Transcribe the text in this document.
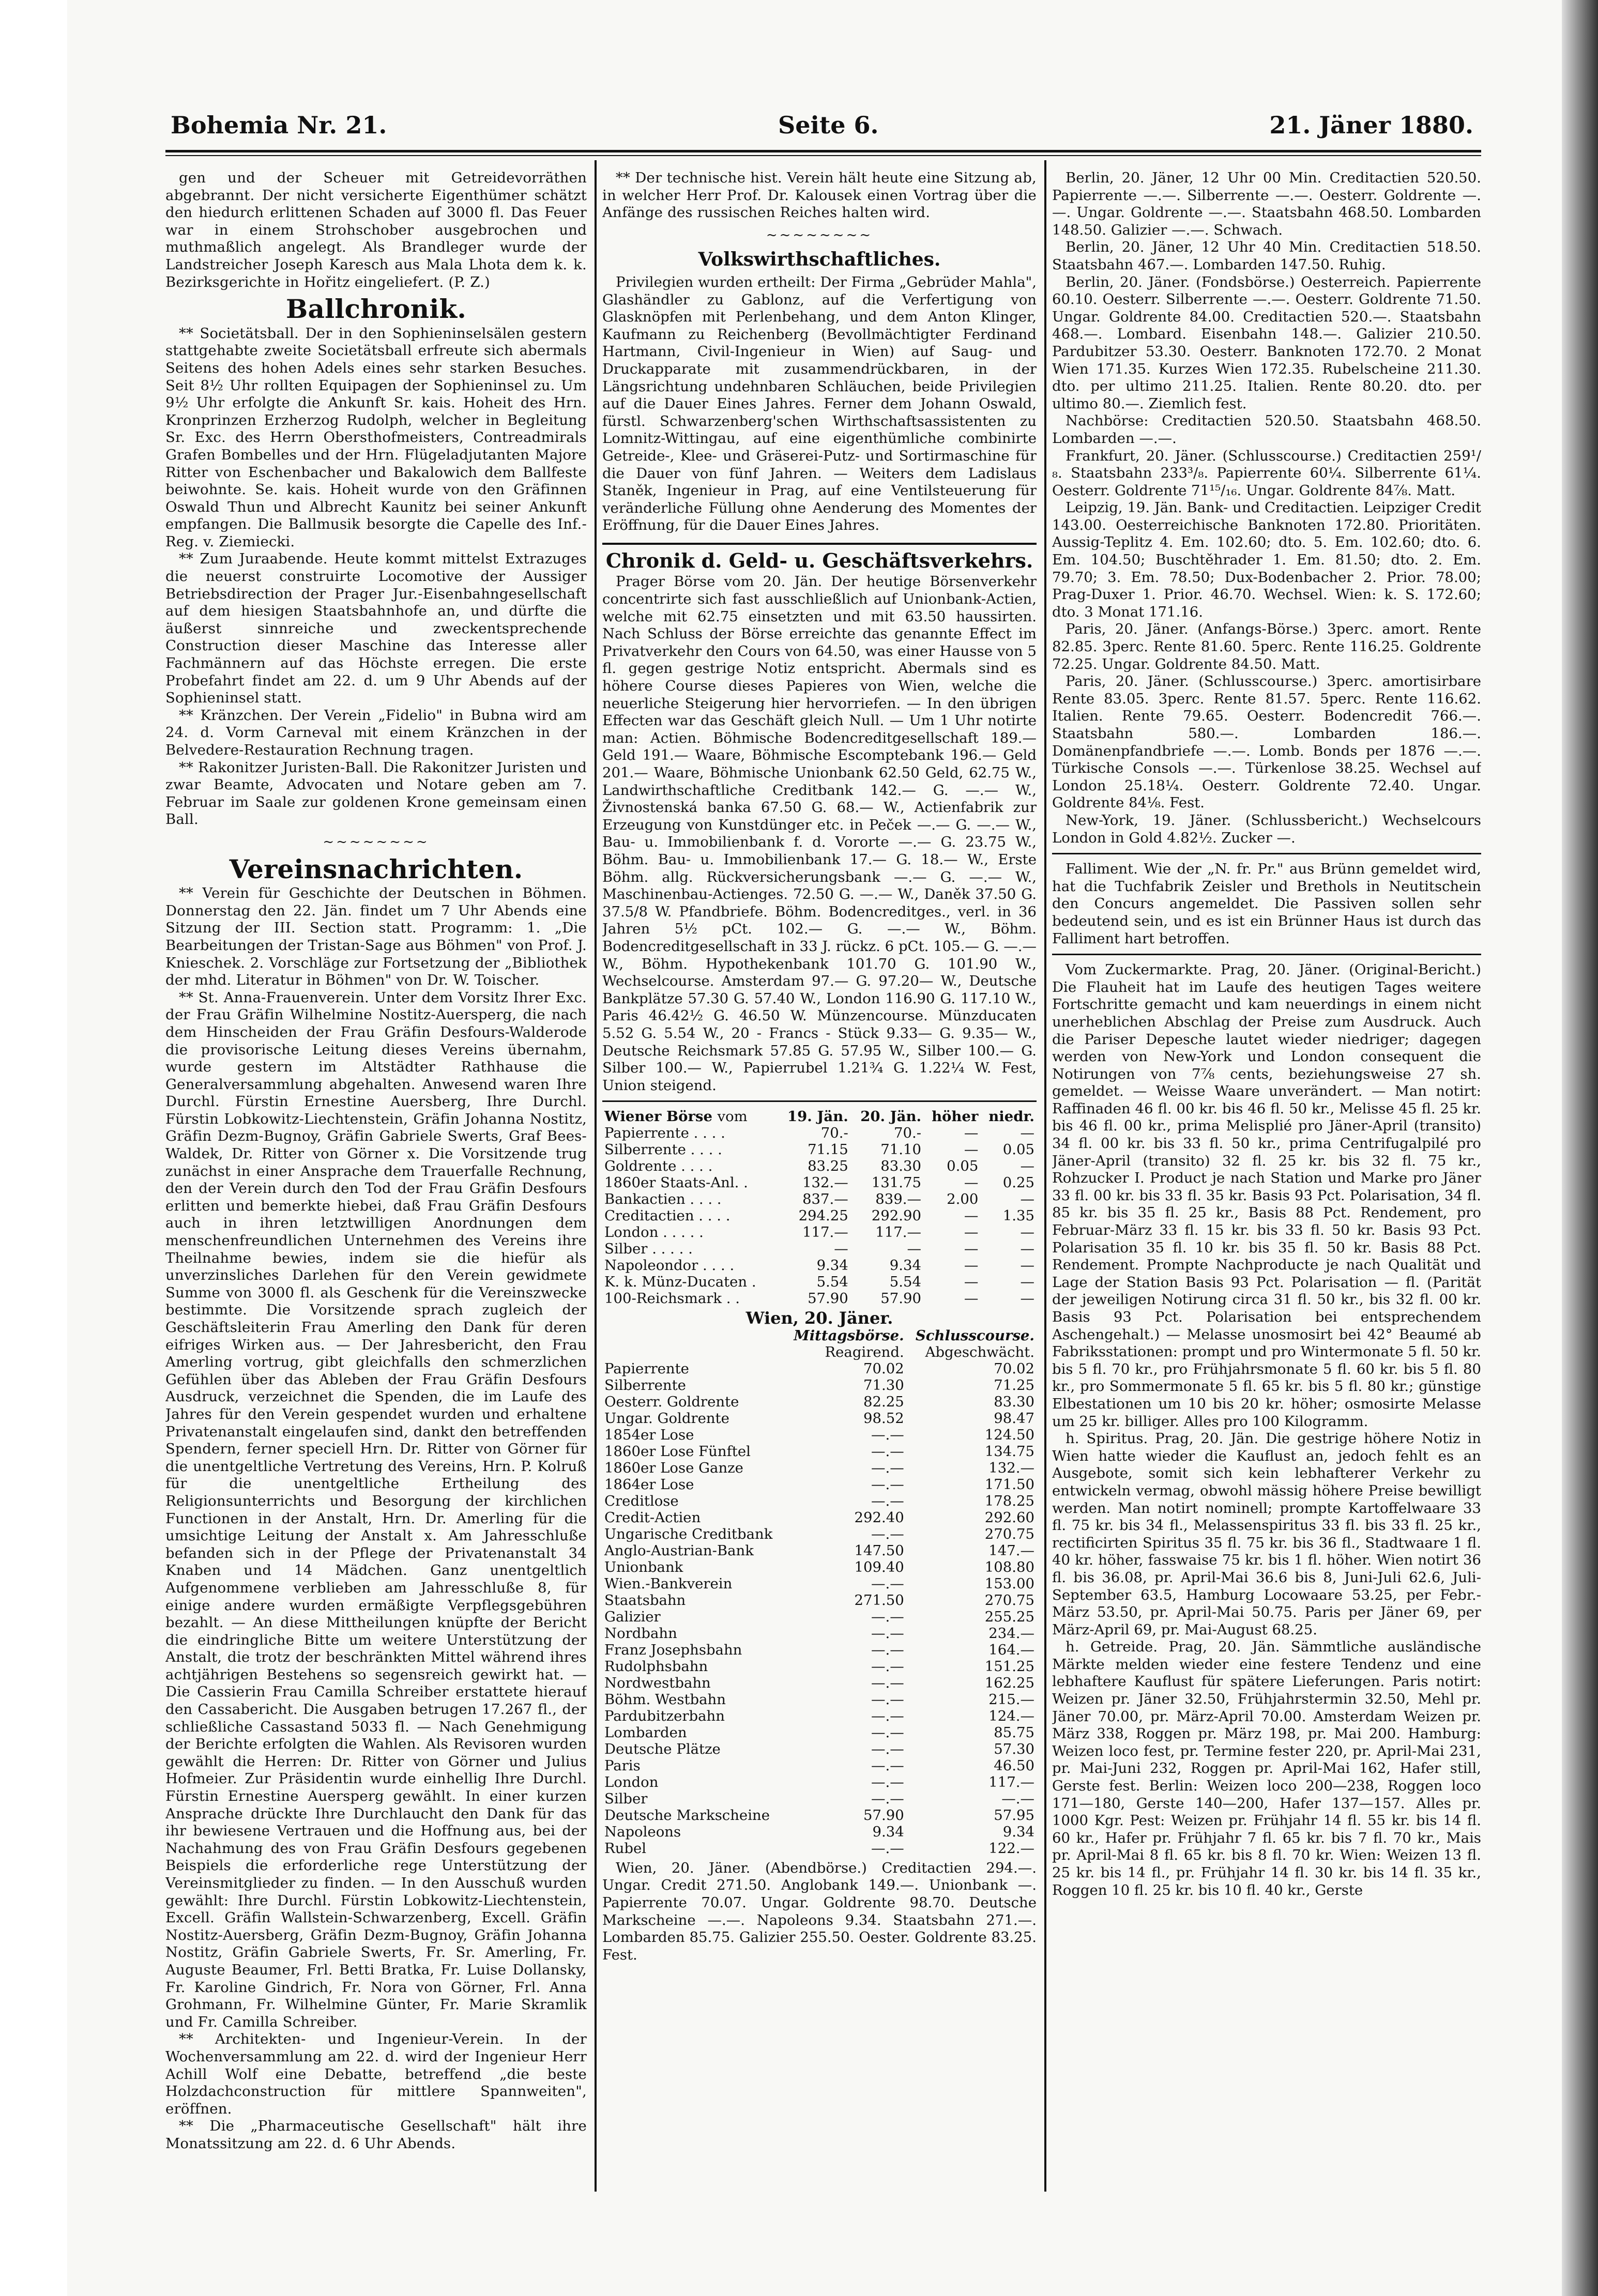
Bohemia Nr. 21.	Seite 6.	21. Jäner 1880.

gen und der Scheuer mit Getreidevorräthen abgebrannt. Der nicht versicherte Eigenthümer schätzt den hiedurch erlittenen Schaden auf 3000 fl. Das Feuer war in einem Strohschober ausgebrochen und muthmaßlich angelegt. Als Brandleger wurde der Landstreicher Joseph Karesch aus Mala Lhota dem k. k. Bezirksgerichte in Hořitz eingeliefert. (P. Z.)

Ballchronik.

** Societätsball. Der in den Sophieninselsälen gestern stattgehabte zweite Societätsball erfreute sich abermals Seitens des hohen Adels eines sehr starken Besuches. Seit 8½ Uhr rollten Equipagen der Sophieninsel zu. Um 9½ Uhr erfolgte die Ankunft Sr. kais. Hoheit des Hrn. Kronprinzen Erzherzog Rudolph, welcher in Begleitung Sr. Exc. des Herrn Obersthofmeisters, Contreadmirals Grafen Bombelles und der Hrn. Flügeladjutanten Majore Ritter von Eschenbacher und Bakalowich dem Ballfeste beiwohnte. Se. kais. Hoheit wurde von den Gräfinnen Oswald Thun und Albrecht Kaunitz bei seiner Ankunft empfangen. Die Ballmusik besorgte die Capelle des Inf.-Reg. v. Ziemiecki.

** Zum Juraabende. Heute kommt mittelst Extrazuges die neuerst construirte Locomotive der Aussiger Betriebsdirection der Prager Jur.-Eisenbahngesellschaft auf dem hiesigen Staatsbahnhofe an, und dürfte die äußerst sinnreiche und zweckentsprechende Construction dieser Maschine das Interesse aller Fachmännern auf das Höchste erregen. Die erste Probefahrt findet am 22. d. um 9 Uhr Abends auf der Sophieninsel statt.

** Kränzchen. Der Verein „Fidelio" in Bubna wird am 24. d. Vorm Carneval mit einem Kränzchen in der Belvedere-Restauration Rechnung tragen.

** Rakonitzer Juristen-Ball. Die Rakonitzer Juristen und zwar Beamte, Advocaten und Notare geben am 7. Februar im Saale zur goldenen Krone gemeinsam einen Ball.

~~~~~~~~
Vereinsnachrichten.

** Verein für Geschichte der Deutschen in Böhmen. Donnerstag den 22. Jän. findet um 7 Uhr Abends eine Sitzung der III. Section statt. Programm: 1. „Die Bearbeitungen der Tristan-Sage aus Böhmen" von Prof. J. Knieschek. 2. Vorschläge zur Fortsetzung der „Bibliothek der mhd. Literatur in Böhmen" von Dr. W. Toischer.

** St. Anna-Frauenverein. Unter dem Vorsitz Ihrer Exc. der Frau Gräfin Wilhelmine Nostitz-Auersperg, die nach dem Hinscheiden der Frau Gräfin Desfours-Walderode die provisorische Leitung dieses Vereins übernahm, wurde gestern im Altstädter Rathhause die Generalversammlung abgehalten. Anwesend waren Ihre Durchl. Fürstin Ernestine Auersberg, Ihre Durchl. Fürstin Lobkowitz-Liechtenstein, Gräfin Johanna Nostitz, Gräfin Dezm-Bugnoy, Gräfin Gabriele Swerts, Graf Bees-Waldek, Dr. Ritter von Görner x. Die Vorsitzende trug zunächst in einer Ansprache dem Trauerfalle Rechnung, den der Verein durch den Tod der Frau Gräfin Desfours erlitten und bemerkte hiebei, daß Frau Gräfin Desfours auch in ihren letztwilligen Anordnungen dem menschenfreundlichen Unternehmen des Vereins ihre Theilnahme bewies, indem sie die hiefür als unverzinsliches Darlehen für den Verein gewidmete Summe von 3000 fl. als Geschenk für die Vereinszwecke bestimmte. Die Vorsitzende sprach zugleich der Geschäftsleiterin Frau Amerling den Dank für deren eifriges Wirken aus. — Der Jahresbericht, den Frau Amerling vortrug, gibt gleichfalls den schmerzlichen Gefühlen über das Ableben der Frau Gräfin Desfours Ausdruck, verzeichnet die Spenden, die im Laufe des Jahres für den Verein gespendet wurden und erhaltene Privatenanstalt eingelaufen sind, dankt den betreffenden Spendern, ferner speciell Hrn. Dr. Ritter von Görner für die unentgeltliche Vertretung des Vereins, Hrn. P. Kolruß für die unentgeltliche Ertheilung des Religionsunterrichts und Besorgung der kirchlichen Functionen in der Anstalt, Hrn. Dr. Amerling für die umsichtige Leitung der Anstalt x. Am Jahresschluße befanden sich in der Pflege der Privatenanstalt 34 Knaben und 14 Mädchen. Ganz unentgeltlich Aufgenommene verblieben am Jahresschluße 8, für einige andere wurden ermäßigte Verpflegsgebühren bezahlt. — An diese Mittheilungen knüpfte der Bericht die eindringliche Bitte um weitere Unterstützung der Anstalt, die trotz der beschränkten Mittel während ihres achtjährigen Bestehens so segensreich gewirkt hat. — Die Cassierin Frau Camilla Schreiber erstattete hierauf den Cassabericht. Die Ausgaben betrugen 17.267 fl., der schließliche Cassastand 5033 fl. — Nach Genehmigung der Berichte erfolgten die Wahlen. Als Revisoren wurden gewählt die Herren: Dr. Ritter von Görner und Julius Hofmeier. Zur Präsidentin wurde einhellig Ihre Durchl. Fürstin Ernestine Auersperg gewählt. In einer kurzen Ansprache drückte Ihre Durchlaucht den Dank für das ihr bewiesene Vertrauen und die Hoffnung aus, bei der Nachahmung des von Frau Gräfin Desfours gegebenen Beispiels die erforderliche rege Unterstützung der Vereinsmitglieder zu finden. — In den Ausschuß wurden gewählt: Ihre Durchl. Fürstin Lobkowitz-Liechtenstein, Excell. Gräfin Wallstein-Schwarzenberg, Excell. Gräfin Nostitz-Auersberg, Gräfin Dezm-Bugnoy, Gräfin Johanna Nostitz, Gräfin Gabriele Swerts, Fr. Sr. Amerling, Fr. Auguste Beaumer, Frl. Betti Bratka, Fr. Luise Dollansky, Fr. Karoline Gindrich, Fr. Nora von Görner, Frl. Anna Grohmann, Fr. Wilhelmine Günter, Fr. Marie Skramlik und Fr. Camilla Schreiber.

** Architekten- und Ingenieur-Verein. In der Wochenversammlung am 22. d. wird der Ingenieur Herr Achill Wolf eine Debatte, betreffend „die beste Holzdachconstruction für mittlere Spannweiten", eröffnen.

** Die „Pharmaceutische Gesellschaft" hält ihre Monatssitzung am 22. d. 6 Uhr Abends.

** Der technische hist. Verein hält heute eine Sitzung ab, in welcher Herr Prof. Dr. Kalousek einen Vortrag über die Anfänge des russischen Reiches halten wird.

~~~~~~~~
Volkswirthschaftliches.

Privilegien wurden ertheilt: Der Firma „Gebrüder Mahla", Glashändler zu Gablonz, auf die Verfertigung von Glasknöpfen mit Perlenbehang, und dem Anton Klinger, Kaufmann zu Reichenberg (Bevollmächtigter Ferdinand Hartmann, Civil-Ingenieur in Wien) auf Saug- und Druckapparate mit zusammendrückbaren, in der Längsrichtung undehnbaren Schläuchen, beide Privilegien auf die Dauer Eines Jahres. Ferner dem Johann Oswald, fürstl. Schwarzenberg'schen Wirthschaftsassistenten zu Lomnitz-Wittingau, auf eine eigenthümliche combinirte Getreide-, Klee- und Gräserei-Putz- und Sortirmaschine für die Dauer von fünf Jahren. — Weiters dem Ladislaus Staněk, Ingenieur in Prag, auf eine Ventilsteuerung für veränderliche Füllung ohne Aenderung des Momentes der Eröffnung, für die Dauer Eines Jahres.

Chronik d. Geld- u. Geschäftsverkehrs.

Prager Börse vom 20. Jän. Der heutige Börsenverkehr concentrirte sich fast ausschließlich auf Unionbank-Actien, welche mit 62.75 einsetzten und mit 63.50 haussirten. Nach Schluss der Börse erreichte das genannte Effect im Privatverkehr den Cours von 64.50, was einer Hausse von 5 fl. gegen gestrige Notiz entspricht. Abermals sind es höhere Course dieses Papieres von Wien, welche die neuerliche Steigerung hier hervorriefen. — In den übrigen Effecten war das Geschäft gleich Null. — Um 1 Uhr notirte man: Actien. Böhmische Bodencreditgesellschaft 189.— Geld 191.— Waare, Böhmische Escomptebank 196.— Geld 201.— Waare, Böhmische Unionbank 62.50 Geld, 62.75 W., Landwirthschaftliche Creditbank 142.— G. —.— W., Živnostenská banka 67.50 G. 68.— W., Actienfabrik zur Erzeugung von Kunstdünger etc. in Peček —.— G. —.— W., Bau- u. Immobilienbank f. d. Vororte —.— G. 23.75 W., Böhm. Bau- u. Immobilienbank 17.— G. 18.— W., Erste Böhm. allg. Rückversicherungsbank —.— G. —.— W., Maschinenbau-Actienges. 72.50 G. —.— W., Daněk 37.50 G. 37.5/8 W. Pfandbriefe. Böhm. Bodencreditges., verl. in 36 Jahren 5½ pCt. 102.— G. —.— W., Böhm. Bodencreditgesellschaft in 33 J. rückz. 6 pCt. 105.— G. —.— W., Böhm. Hypothekenbank 101.70 G. 101.90 W., Wechselcourse. Amsterdam 97.— G. 97.20— W., Deutsche Bankplätze 57.30 G. 57.40 W., London 116.90 G. 117.10 W., Paris 46.42½ G. 46.50 W. Münzencourse. Münzducaten 5.52 G. 5.54 W., 20 - Francs - Stück 9.33— G. 9.35— W., Deutsche Reichsmark 57.85 G. 57.95 W., Silber 100.— G. Silber 100.— W., Papierrubel 1.21¾ G. 1.22¼ W. Fest, Union steigend.

Wiener Börse vom	19. Jän.	20. Jän.	höher	niedr.
Papierrente . . . .	70.-	70.-	—	—
Silberrente . . . .	71.15	71.10	—	0.05
Goldrente . . . .	83.25	83.30	0.05	—
1860er Staats-Anl. .	132.—	131.75	—	0.25
Bankactien . . . .	837.—	839.—	2.00	—
Creditactien . . . .	294.25	292.90	—	1.35
London . . . . .	117.—	117.—	—	—
Silber . . . . .	—	—	—	—
Napoleondor . . . .	9.34	9.34	—	—
K. k. Münz-Ducaten .	5.54	5.54	—	—
100-Reichsmark . .	57.90	57.90	—	—
Wien, 20. Jäner.
	Mittagsbörse.	Schlusscourse.
	Reagirend.	Abgeschwächt.
Papierrente	70.02	70.02
Silberrente	71.30	71.25
Oesterr. Goldrente	82.25	83.30
Ungar. Goldrente	98.52	98.47
1854er Lose	—.—	124.50
1860er Lose Fünftel	—.—	134.75
1860er Lose Ganze	—.—	132.—
1864er Lose	—.—	171.50
Creditlose	—.—	178.25
Credit-Actien	292.40	292.60
Ungarische Creditbank	—.—	270.75
Anglo-Austrian-Bank	147.50	147.—
Unionbank	109.40	108.80
Wien.-Bankverein	—.—	153.00
Staatsbahn	271.50	270.75
Galizier	—.—	255.25
Nordbahn	—.—	234.—
Franz Josephsbahn	—.—	164.—
Rudolphsbahn	—.—	151.25
Nordwestbahn	—.—	162.25
Böhm. Westbahn	—.—	215.—
Pardubitzerbahn	—.—	124.—
Lombarden	—.—	85.75
Deutsche Plätze	—.—	57.30
Paris	—.—	46.50
London	—.—	117.—
Silber	—.—	—.—
Deutsche Markscheine	57.90	57.95
Napoleons	9.34	9.34
Rubel	—.—	122.—

Wien, 20. Jäner. (Abendbörse.) Creditactien 294.—. Ungar. Credit 271.50. Anglobank 149.—. Unionbank —. Papierrente 70.07. Ungar. Goldrente 98.70. Deutsche Markscheine —.—. Napoleons 9.34. Staatsbahn 271.—. Lombarden 85.75. Galizier 255.50. Oester. Goldrente 83.25. Fest.

Berlin, 20. Jäner, 12 Uhr 00 Min. Creditactien 520.50. Papierrente —.—. Silberrente —.—. Oesterr. Goldrente —.—. Ungar. Goldrente —.—. Staatsbahn 468.50. Lombarden 148.50. Galizier —.—. Schwach.

Berlin, 20. Jäner, 12 Uhr 40 Min. Creditactien 518.50. Staatsbahn 467.—. Lombarden 147.50. Ruhig.

Berlin, 20. Jäner. (Fondsbörse.) Oesterreich. Papierrente 60.10. Oesterr. Silberrente —.—. Oesterr. Goldrente 71.50. Ungar. Goldrente 84.00. Creditactien 520.—. Staatsbahn 468.—. Lombard. Eisenbahn 148.—. Galizier 210.50. Pardubitzer 53.30. Oesterr. Banknoten 172.70. 2 Monat Wien 171.35. Kurzes Wien 172.35. Rubelscheine 211.30. dto. per ultimo 211.25. Italien. Rente 80.20. dto. per ultimo 80.—. Ziemlich fest.

Nachbörse: Creditactien 520.50. Staatsbahn 468.50. Lombarden —.—.

Frankfurt, 20. Jäner. (Schlusscourse.) Creditactien 259¹/₈. Staatsbahn 233³/₈. Papierrente 60¼. Silberrente 61¼. Oesterr. Goldrente 71¹⁵/₁₆. Ungar. Goldrente 84⅞. Matt.

Leipzig, 19. Jän. Bank- und Creditactien. Leipziger Credit 143.00. Oesterreichische Banknoten 172.80. Prioritäten. Aussig-Teplitz 4. Em. 102.60; dto. 5. Em. 102.60; dto. 6. Em. 104.50; Buschtěhrader 1. Em. 81.50; dto. 2. Em. 79.70; 3. Em. 78.50; Dux-Bodenbacher 2. Prior. 78.00; Prag-Duxer 1. Prior. 46.70. Wechsel. Wien: k. S. 172.60; dto. 3 Monat 171.16.

Paris, 20. Jäner. (Anfangs-Börse.) 3perc. amort. Rente 82.85. 3perc. Rente 81.60. 5perc. Rente 116.25. Goldrente 72.25. Ungar. Goldrente 84.50. Matt.

Paris, 20. Jäner. (Schlusscourse.) 3perc. amortisirbare Rente 83.05. 3perc. Rente 81.57. 5perc. Rente 116.62. Italien. Rente 79.65. Oesterr. Bodencredit 766.—. Staatsbahn 580.—. Lombarden 186.—. Domänenpfandbriefe —.—. Lomb. Bonds per 1876 —.—. Türkische Consols —.—. Türkenlose 38.25. Wechsel auf London 25.18¼. Oesterr. Goldrente 72.40. Ungar. Goldrente 84⅛. Fest.

New-York, 19. Jäner. (Schlussbericht.) Wechselcours London in Gold 4.82½. Zucker —.

Falliment. Wie der „N. fr. Pr." aus Brünn gemeldet wird, hat die Tuchfabrik Zeisler und Brethols in Neutitschein den Concurs angemeldet. Die Passiven sollen sehr bedeutend sein, und es ist ein Brünner Haus ist durch das Falliment hart betroffen.

Vom Zuckermarkte. Prag, 20. Jäner. (Original-Bericht.) Die Flauheit hat im Laufe des heutigen Tages weitere Fortschritte gemacht und kam neuerdings in einem nicht unerheblichen Abschlag der Preise zum Ausdruck. Auch die Pariser Depesche lautet wieder niedriger; dagegen werden von New-York und London consequent die Notirungen von 7⅞ cents, beziehungsweise 27 sh. gemeldet. — Weisse Waare unverändert. — Man notirt: Raffinaden 46 fl. 00 kr. bis 46 fl. 50 kr., Melisse 45 fl. 25 kr. bis 46 fl. 00 kr., prima Melisplié pro Jäner-April (transito) 34 fl. 00 kr. bis 33 fl. 50 kr., prima Centrifugalpilé pro Jäner-April (transito) 32 fl. 25 kr. bis 32 fl. 75 kr., Rohzucker I. Product je nach Station und Marke pro Jäner 33 fl. 00 kr. bis 33 fl. 35 kr. Basis 93 Pct. Polarisation, 34 fl. 85 kr. bis 35 fl. 25 kr., Basis 88 Pct. Rendement, pro Februar-März 33 fl. 15 kr. bis 33 fl. 50 kr. Basis 93 Pct. Polarisation 35 fl. 10 kr. bis 35 fl. 50 kr. Basis 88 Pct. Rendement. Prompte Nachproducte je nach Qualität und Lage der Station Basis 93 Pct. Polarisation — fl. (Parität der jeweiligen Notirung circa 31 fl. 50 kr., bis 32 fl. 00 kr. Basis 93 Pct. Polarisation bei entsprechendem Aschengehalt.) — Melasse unosmosirt bei 42° Beaumé ab Fabriksstationen: prompt und pro Wintermonate 5 fl. 50 kr. bis 5 fl. 70 kr., pro Frühjahrsmonate 5 fl. 60 kr. bis 5 fl. 80 kr., pro Sommermonate 5 fl. 65 kr. bis 5 fl. 80 kr.; günstige Elbestationen um 10 bis 20 kr. höher; osmosirte Melasse um 25 kr. billiger. Alles pro 100 Kilogramm.

h. Spiritus. Prag, 20. Jän. Die gestrige höhere Notiz in Wien hatte wieder die Kauflust an, jedoch fehlt es an Ausgebote, somit sich kein lebhafterer Verkehr zu entwickeln vermag, obwohl mässig höhere Preise bewilligt werden. Man notirt nominell; prompte Kartoffelwaare 33 fl. 75 kr. bis 34 fl., Melassenspiritus 33 fl. bis 33 fl. 25 kr., rectificirten Spiritus 35 fl. 75 kr. bis 36 fl., Stadtwaare 1 fl. 40 kr. höher, fasswaise 75 kr. bis 1 fl. höher. Wien notirt 36 fl. bis 36.08, pr. April-Mai 36.6 bis 8, Juni-Juli 62.6, Juli-September 63.5, Hamburg Locowaare 53.25, per Febr.-März 53.50, pr. April-Mai 50.75. Paris per Jäner 69, per März-April 69, pr. Mai-August 68.25.

h. Getreide. Prag, 20. Jän. Sämmtliche ausländische Märkte melden wieder eine festere Tendenz und eine lebhaftere Kauflust für spätere Lieferungen. Paris notirt: Weizen pr. Jäner 32.50, Frühjahrstermin 32.50, Mehl pr. Jäner 70.00, pr. März-April 70.00. Amsterdam Weizen pr. März 338, Roggen pr. März 198, pr. Mai 200. Hamburg: Weizen loco fest, pr. Termine fester 220, pr. April-Mai 231, pr. Mai-Juni 232, Roggen pr. April-Mai 162, Hafer still, Gerste fest. Berlin: Weizen loco 200—238, Roggen loco 171—180, Gerste 140—200, Hafer 137—157. Alles pr. 1000 Kgr. Pest: Weizen pr. Frühjahr 14 fl. 55 kr. bis 14 fl. 60 kr., Hafer pr. Frühjahr 7 fl. 65 kr. bis 7 fl. 70 kr., Mais pr. April-Mai 8 fl. 65 kr. bis 8 fl. 70 kr. Wien: Weizen 13 fl. 25 kr. bis 14 fl., pr. Frühjahr 14 fl. 30 kr. bis 14 fl. 35 kr., Roggen 10 fl. 25 kr. bis 10 fl. 40 kr., Gerste
